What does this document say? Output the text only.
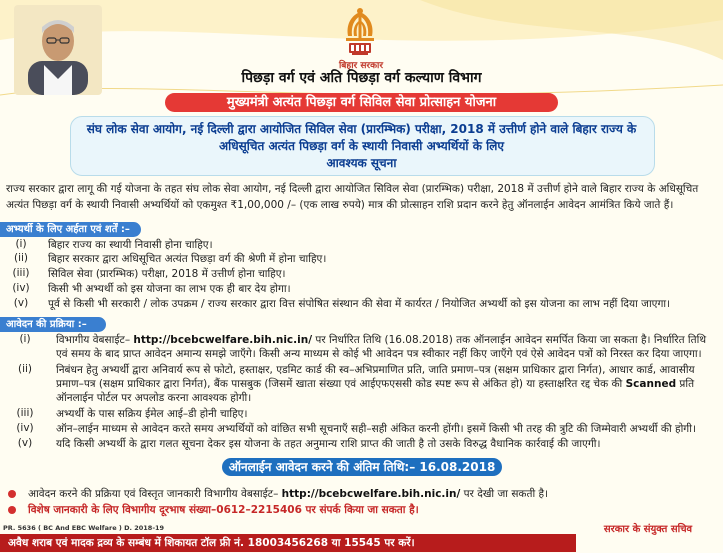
बिहार सरकार
पिछड़ा वर्ग एवं अति पिछड़ा वर्ग कल्याण विभाग
मुख्यमंत्री अत्यंत पिछड़ा वर्ग सिविल सेवा प्रोत्साहन योजना
संघ लोक सेवा आयोग, नई दिल्ली द्वारा आयोजित सिविल सेवा (प्रारम्भिक) परीक्षा, 2018 में उत्तीर्ण होने वाले बिहार राज्य के
अधिसूचित अत्यंत पिछड़ा वर्ग के स्थायी निवासी अभ्यर्थियों के लिए
आवश्यक सूचना
राज्य सरकार द्वारा लागू की गई योजना के तहत संघ लोक सेवा आयोग, नई दिल्ली द्वारा आयोजित सिविल सेवा (प्रारम्भिक) परीक्षा, 2018 में उत्तीर्ण होने वाले बिहार राज्य के अधिसूचित अत्यंत पिछड़ा वर्ग के स्थायी निवासी अभ्यर्थियों को एकमुश्त ₹1,00,000 /– (एक लाख रुपये) मात्र की प्रोत्साहन राशि प्रदान करने हेतु ऑनलाईन आवेदन आमंत्रित किये जाते हैं।
अभ्यर्थी के लिए अर्हता एवं शर्तें :–
(i)	बिहार राज्य का स्थायी निवासी होना चाहिए।
(ii)	बिहार सरकार द्वारा अधिसूचित अत्यंत पिछड़ा वर्ग की श्रेणी में होना चाहिए।
(iii)	सिविल सेवा (प्रारम्भिक) परीक्षा, 2018 में उत्तीर्ण होना चाहिए।
(iv)	किसी भी अभ्यर्थी को इस योजना का लाभ एक ही बार देय होगा।
(v)	पूर्व से किसी भी सरकारी / लोक उपक्रम / राज्य सरकार द्वारा वित्त संपोषित संस्थान की सेवा में कार्यरत / नियोजित अभ्यर्थी को इस योजना का लाभ नहीं दिया जाएगा।
आवेदन की प्रक्रिया :–
(i)	विभागीय वेबसाईट– http://bcebcwelfare.bih.nic.in/ पर निर्धारित तिथि (16.08.2018) तक ऑनलाईन आवेदन समर्पित किया जा सकता है। निर्धारित तिथि एवं समय के बाद प्राप्त आवेदन अमान्य समझे जाएँगे। किसी अन्य माध्यम से कोई भी आवेदन पत्र स्वीकार नहीं किए जाएँगे एवं ऐसे आवेदन पत्रों को निरस्त कर दिया जाएगा।
(ii)	निबंधन हेतु अभ्यर्थी द्वारा अनिवार्य रूप से फोटो, हस्ताक्षर, एडमिट कार्ड की स्व–अभिप्रमाणित प्रति, जाति प्रमाण–पत्र (सक्षम प्राधिकार द्वारा निर्गत), आधार कार्ड, आवासीय प्रमाण–पत्र (सक्षम प्राधिकार द्वारा निर्गत), बैंक पासबुक (जिसमें खाता संख्या एवं आईएफएससी कोड स्पष्ट रूप से अंकित हो) या हस्ताक्षरित रद्द चेक की Scanned प्रति ऑनलाईन पोर्टल पर अपलोड करना आवश्यक होगी।
(iii)	अभ्यर्थी के पास सक्रिय ईमेल आई–डी होनी चाहिए।
(iv)	ऑन–लाईन माध्यम से आवेदन करते समय अभ्यर्थियों को वांछित सभी सूचनाएँ सही–सही अंकित करनी होंगी। इसमें किसी भी तरह की त्रुटि की जिम्मेवारी अभ्यर्थी की होगी।
(v)	यदि किसी अभ्यर्थी के द्वारा गलत सूचना देकर इस योजना के तहत अनुमान्य राशि प्राप्त की जाती है तो उसके विरुद्ध वैधानिक कार्रवाई की जाएगी।
ऑनलाईन आवेदन करने की अंतिम तिथि:– 16.08.2018
आवेदन करने की प्रक्रिया एवं विस्तृत जानकारी विभागीय वेबसाईट– http://bcebcwelfare.bih.nic.in/ पर देखी जा सकती है।
विशेष जानकारी के लिए विभागीय दूरभाष संख्या–0612–2215406 पर संपर्क किया जा सकता है।
PR. 5636 ( BC And EBC Welfare ) D. 2018-19	सरकार के संयुक्त सचिव
अवैध शराब एवं मादक द्रव्य के सम्बंध में शिकायत टॉल फ्री नं. 18003456268 या 15545 पर करें।
